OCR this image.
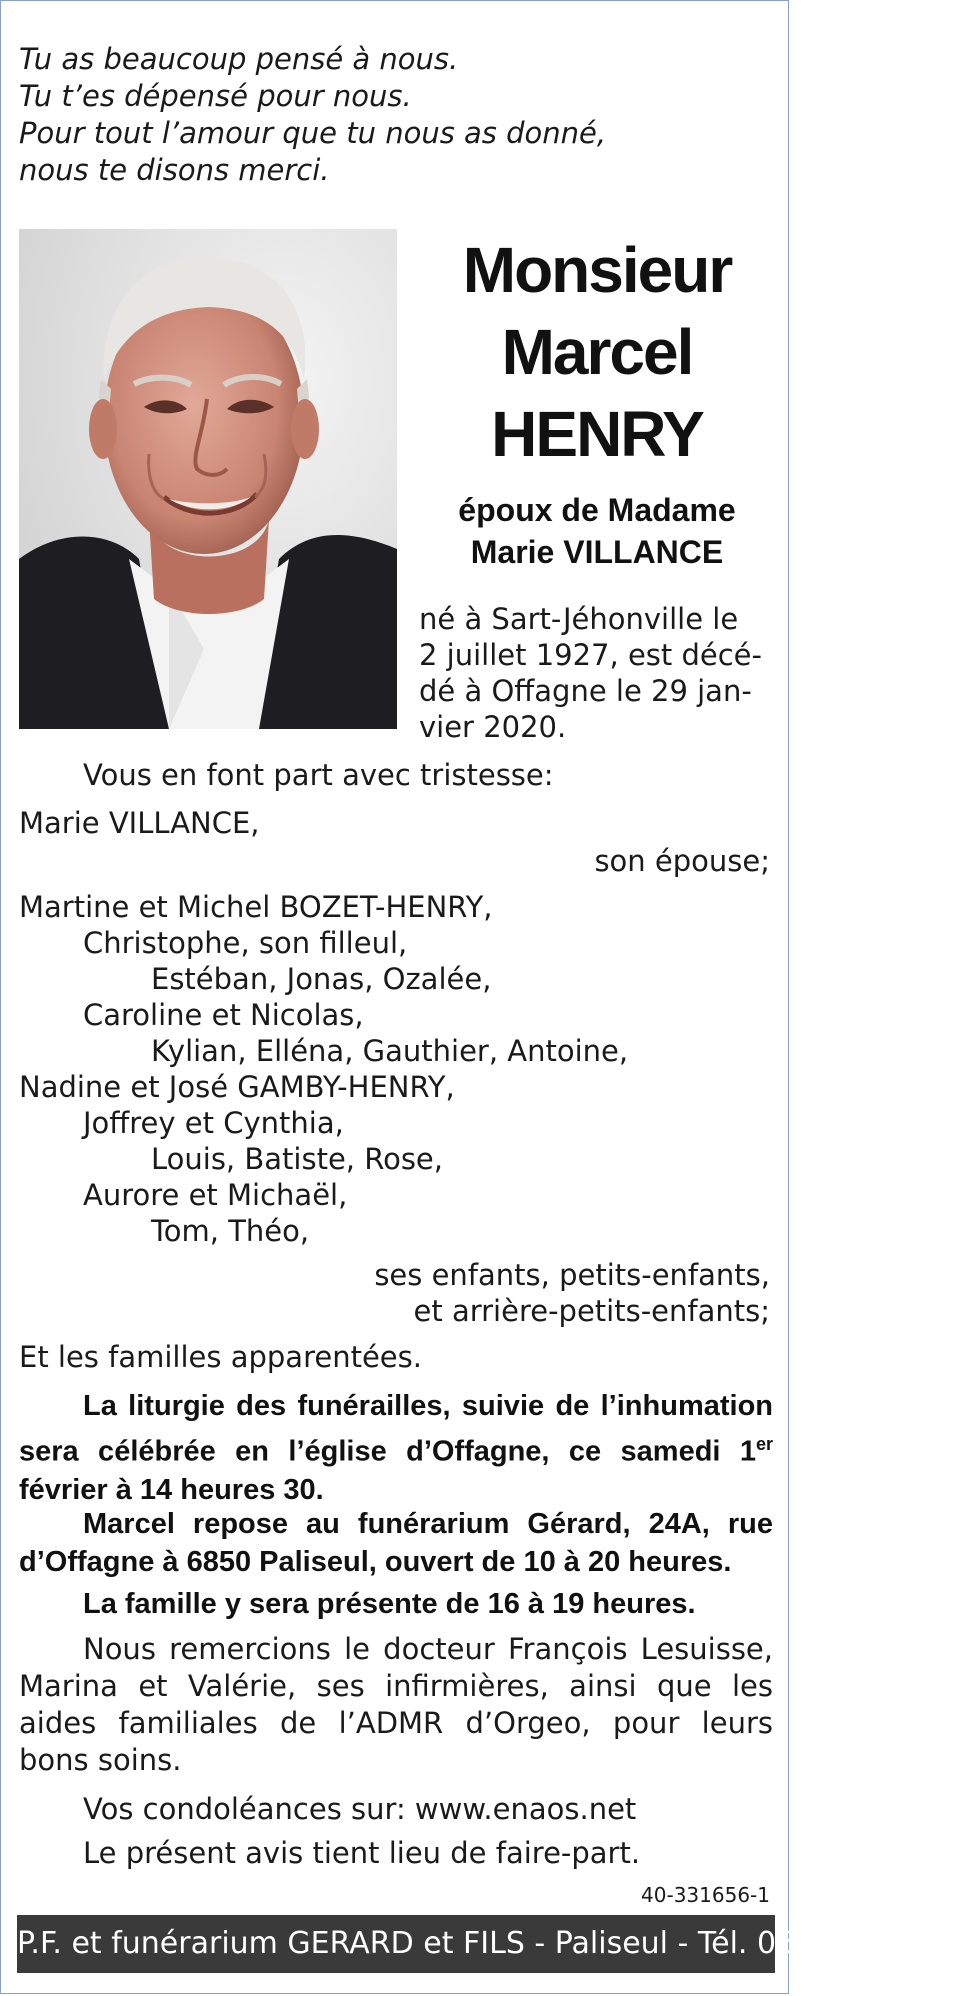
Tu as beaucoup pensé à nous.
Tu t’es dépensé pour nous.
Pour tout l’amour que tu nous as donné,
nous te disons merci.
Monsieur
Marcel
HENRY
époux de Madame
Marie VILLANCE
né à Sart-Jéhonville le
2 juillet 1927, est décé-
dé à Offagne le 29 jan-
vier 2020.
Vous en font part avec tristesse:
Marie VILLANCE,
son épouse;
Martine et Michel BOZET-HENRY,
Christophe, son filleul,
Estéban, Jonas, Ozalée,
Caroline et Nicolas,
Kylian, Elléna, Gauthier, Antoine,
Nadine et José GAMBY-HENRY,
Joffrey et Cynthia,
Louis, Batiste, Rose,
Aurore et Michaël,
Tom, Théo,
ses enfants, petits-enfants,
et arrière-petits-enfants;
Et les familles apparentées.
La liturgie des funérailles, suivie de l’inhumation sera célébrée en l’église d’Offagne, ce samedi 1er février à 14 heures 30.
Marcel repose au funérarium Gérard, 24A, rue d’Offagne à 6850 Paliseul, ouvert de 10 à 20 heures.
La famille y sera présente de 16 à 19 heures.
Nous remercions le docteur François Lesuisse, Marina et Valérie, ses infirmières, ainsi que les aides familiales de l’ADMR d’Orgeo, pour leurs bons soins.
Vos condoléances sur: www.enaos.net
Le présent avis tient lieu de faire-part.
40-331656-1
P.F. et funérarium GERARD et FILS - Paliseul - Tél. 061 53 32 84
